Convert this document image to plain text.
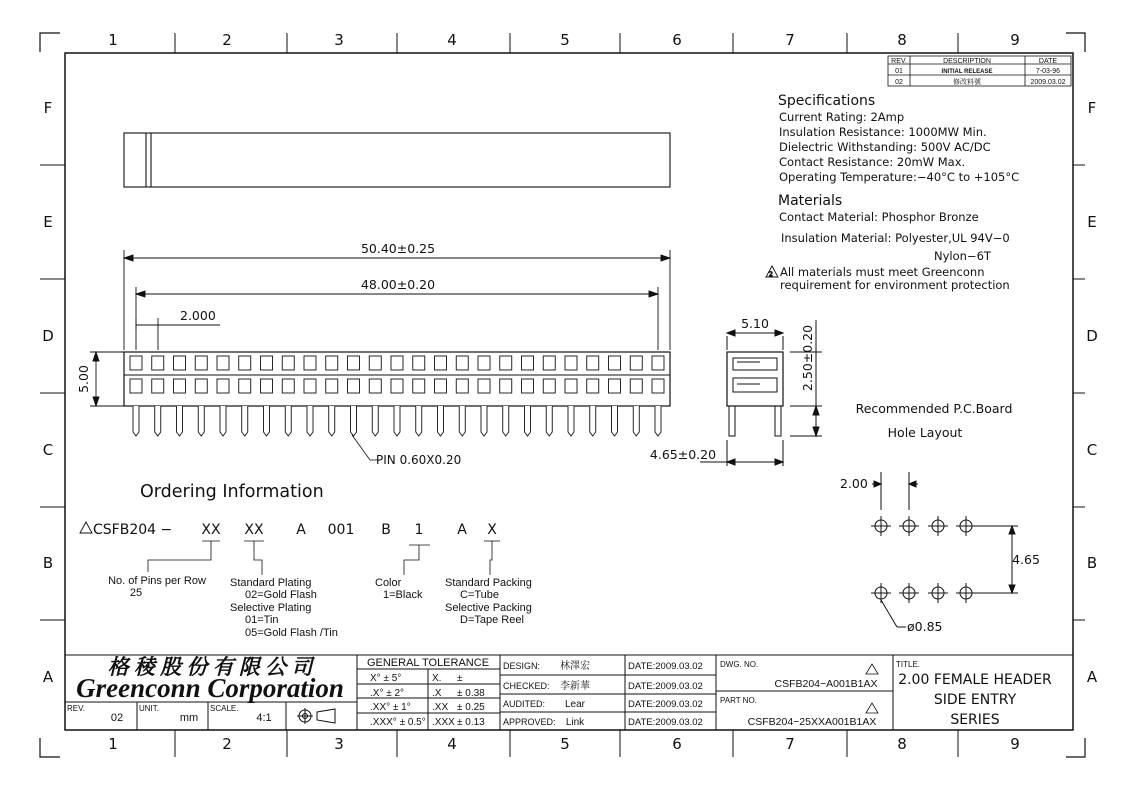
1
1
2
2
3
3
4
4
5
5
6
6
7
7
8
8
9
9
F	F
E	E
D	D
C	C
B	B
A	A
REV.	DESCRIPTION	DATE
01	INITIAL RELEASE	7-03-96
02	修改料號	2009.03.02
Specifications
Current Rating: 2Amp
Insulation Resistance: 1000MW Min.
Dielectric Withstanding: 500V AC/DC
Contact Resistance: 20mW Max.
Operating Temperature:−40°C to +105°C
Materials
Contact Material: Phosphor Bronze
Insulation Material: Polyester,UL 94V−0
Nylon−6T
2 All materials must meet Greenconn
requirement for environment protection
50.40±0.25
48.00±0.20
2.000
5.00
PIN 0.60X0.20
5.10
2.50±0.20
4.65±0.20
Recommended P.C.Board
Hole Layout
2.00
4.65
ø0.85
Ordering Information
CSFB204 − XX XX A 001 B 1 A X
No. of Pins per Row
25
Standard Plating
02=Gold Flash
Selective Plating
01=Tin
05=Gold Flash /Tin
Color
1=Black
Standard Packing
C=Tube
Selective Packing
D=Tape Reel
格 稜 股 份 有 限 公 司
Greenconn Corporation
REV.
02
UNIT.
mm
SCALE.
4:1
GENERAL TOLERANCE
X° ± 5°	X. ±
.X° ± 2°	.X ± 0.38
.XX° ± 1° .XX ± 0.25
.XXX° ± 0.5° .XXX ± 0.13
DESIGN: 林澤宏	DATE:2009.03.02
CHECKED: 李新華	DATE:2009.03.02
AUDITED: Lear	DATE:2009.03.02
APPROVED: Link	DATE:2009.03.02
DWG. NO.
CSFB204−A001B1AX
PART NO.
CSFB204−25XXA001B1AX
TITLE.
2.00 FEMALE HEADER
SIDE ENTRY
SERIES
